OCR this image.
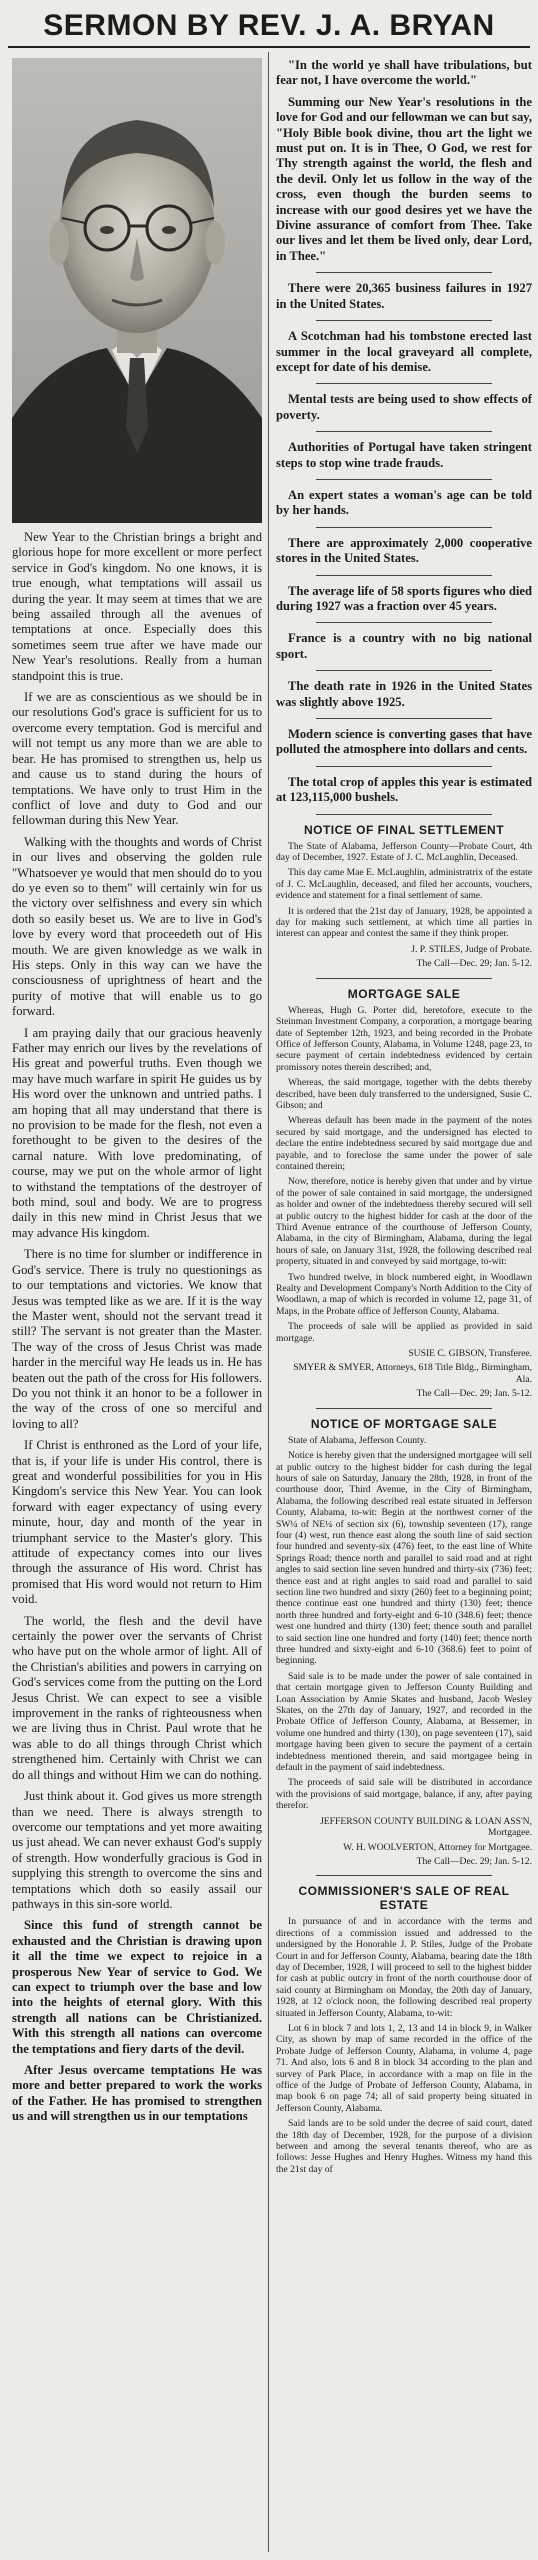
SERMON BY REV. J. A. BRYAN

New Year to the Christian brings a bright and glorious hope for more excellent or more perfect service in God's kingdom. No one knows, it is true enough, what temptations will assail us during the year. It may seem at times that we are being assailed through all the avenues of temptations at once. Especially does this sometimes seem true after we have made our New Year's resolutions. Really from a human standpoint this is true.

If we are as conscientious as we should be in our resolutions God's grace is sufficient for us to overcome every temptation. God is merciful and will not tempt us any more than we are able to bear. He has promised to strengthen us, help us and cause us to stand during the hours of temptations. We have only to trust Him in the conflict of love and duty to God and our fellowman during this New Year.

Walking with the thoughts and words of Christ in our lives and observing the golden rule "Whatsoever ye would that men should do to you do ye even so to them" will certainly win for us the victory over selfishness and every sin which doth so easily beset us. We are to live in God's love by every word that proceedeth out of His mouth. We are given knowledge as we walk in His steps. Only in this way can we have the consciousness of uprightness of heart and the purity of motive that will enable us to go forward.

I am praying daily that our gracious heavenly Father may enrich our lives by the revelations of His great and powerful truths. Even though we may have much warfare in spirit He guides us by His word over the unknown and untried paths. I am hoping that all may understand that there is no provision to be made for the flesh, not even a forethought to be given to the desires of the carnal nature. With love predominating, of course, may we put on the whole armor of light to withstand the temptations of the destroyer of both mind, soul and body. We are to progress daily in this new mind in Christ Jesus that we may advance His kingdom.

There is no time for slumber or indifference in God's service. There is truly no questionings as to our temptations and victories. We know that Jesus was tempted like as we are. If it is the way the Master went, should not the servant tread it still? The servant is not greater than the Master. The way of the cross of Jesus Christ was made harder in the merciful way He leads us in. He has beaten out the path of the cross for His followers. Do you not think it an honor to be a follower in the way of the cross of one so merciful and loving to all?

If Christ is enthroned as the Lord of your life, that is, if your life is under His control, there is great and wonderful possibilities for you in His Kingdom's service this New Year. You can look forward with eager expectancy of using every minute, hour, day and month of the year in triumphant service to the Master's glory. This attitude of expectancy comes into our lives through the assurance of His word. Christ has promised that His word would not return to Him void.

The world, the flesh and the devil have certainly the power over the servants of Christ who have put on the whole armor of light. All of the Christian's abilities and powers in carrying on God's services come from the putting on the Lord Jesus Christ. We can expect to see a visible improvement in the ranks of righteousness when we are living thus in Christ. Paul wrote that he was able to do all things through Christ which strengthened him. Certainly with Christ we can do all things and without Him we can do nothing.

Just think about it. God gives us more strength than we need. There is always strength to overcome our temptations and yet more awaiting us just ahead. We can never exhaust God's supply of strength. How wonderfully gracious is God in supplying this strength to overcome the sins and temptations which doth so easily assail our pathways in this sin-sore world.

Since this fund of strength cannot be exhausted and the Christian is drawing upon it all the time we expect to rejoice in a prosperous New Year of service to God. We can expect to triumph over the base and low into the heights of eternal glory. With this strength all nations can be Christianized. With this strength all nations can overcome the temptations and fiery darts of the devil.

After Jesus overcame temptations He was more and better prepared to work the works of the Father. He has promised to strengthen us and will strengthen us in our temptations

"In the world ye shall have tribulations, but fear not, I have overcome the world."

Summing our New Year's resolutions in the love for God and our fellowman we can but say, "Holy Bible book divine, thou art the light we must put on. It is in Thee, O God, we rest for Thy strength against the world, the flesh and the devil. Only let us follow in the way of the cross, even though the burden seems to increase with our good desires yet we have the Divine assurance of comfort from Thee. Take our lives and let them be lived only, dear Lord, in Thee."

There were 20,365 business failures in 1927 in the United States.

A Scotchman had his tombstone erected last summer in the local graveyard all complete, except for date of his demise.

Mental tests are being used to show effects of poverty.

Authorities of Portugal have taken stringent steps to stop wine trade frauds.

An expert states a woman's age can be told by her hands.

There are approximately 2,000 cooperative stores in the United States.

The average life of 58 sports figures who died during 1927 was a fraction over 45 years.

France is a country with no big national sport.

The death rate in 1926 in the United States was slightly above 1925.

Modern science is converting gases that have polluted the atmosphere into dollars and cents.

The total crop of apples this year is estimated at 123,115,000 bushels.

NOTICE OF FINAL SETTLEMENT

The State of Alabama, Jefferson County—Probate Court, 4th day of December, 1927. Estate of J. C. McLaughlin, Deceased.

This day came Mae E. McLaughlin, administratrix of the estate of J. C. McLaughlin, deceased, and filed her accounts, vouchers, evidence and statement for a final settlement of same.

It is ordered that the 21st day of January, 1928, be appointed a day for making such settlement, at which time all parties in interest can appear and contest the same if they think proper.

J. P. STILES, Judge of Probate.
The Call—Dec. 29; Jan. 5-12.
MORTGAGE SALE

Whereas, Hugh G. Porter did, heretofore, execute to the Steinman Investment Company, a corporation, a mortgage bearing date of September 12th, 1923, and being recorded in the Probate Office of Jefferson County, Alabama, in Volume 1248, page 23, to secure payment of certain indebtedness evidenced by certain promissory notes therein described; and,

Whereas, the said mortgage, together with the debts thereby described, have been duly transferred to the undersigned, Susie C. Gibson; and

Whereas default has been made in the payment of the notes secured by said mortgage, and the undersigned has elected to declare the entire indebtedness secured by said mortgage due and payable, and to foreclose the same under the power of sale contained therein;

Now, therefore, notice is hereby given that under and by virtue of the power of sale contained in said mortgage, the undersigned as holder and owner of the indebtedness thereby secured will sell at public outcry to the highest bidder for cash at the door of the Third Avenue entrance of the courthouse of Jefferson County, Alabama, in the city of Birmingham, Alabama, during the legal hours of sale, on January 31st, 1928, the following described real property, situated in and conveyed by said mortgage, to-wit:

Two hundred twelve, in block numbered eight, in Woodlawn Realty and Development Company's North Addition to the City of Woodlawn, a map of which is recorded in volume 12, page 31, of Maps, in the Probate office of Jefferson County, Alabama.

The proceeds of sale will be applied as provided in said mortgage.

SUSIE C. GIBSON, Transferee.
SMYER & SMYER, Attorneys, 618 Title Bldg., Birmingham, Ala.
The Call—Dec. 29; Jan. 5-12.
NOTICE OF MORTGAGE SALE

State of Alabama, Jefferson County.

Notice is hereby given that the undersigned mortgagee will sell at public outcry to the highest bidder for cash during the legal hours of sale on Saturday, January the 28th, 1928, in front of the courthouse door, Third Avenue, in the City of Birmingham, Alabama, the following described real estate situated in Jefferson County, Alabama, to-wit: Begin at the northwest corner of the SW¼ of NE¼ of section six (6), township seventeen (17), range four (4) west, run thence east along the south line of said section four hundred and seventy-six (476) feet, to the east line of White Springs Road; thence north and parallel to said road and at right angles to said section line seven hundred and thirty-six (736) feet; thence east and at right angles to said road and parallel to said section line two hundred and sixty (260) feet to a beginning point; thence continue east one hundred and thirty (130) feet; thence north three hundred and forty-eight and 6-10 (348.6) feet; thence west one hundred and thirty (130) feet; thence south and parallel to said section line one hundred and forty (140) feet; thence north three hundred and sixty-eight and 6-10 (368.6) feet to point of beginning.

Said sale is to be made under the power of sale contained in that certain mortgage given to Jefferson County Building and Loan Association by Annie Skates and husband, Jacob Wesley Skates, on the 27th day of January, 1927, and recorded in the Probate Office of Jefferson County, Alabama, at Bessemer, in volume one hundred and thirty (130), on page seventeen (17), said mortgage having been given to secure the payment of a certain indebtedness mentioned therein, and said mortgagee being in default in the payment of said indebtedness.

The proceeds of said sale will be distributed in accordance with the provisions of said mortgage, balance, if any, after paying therefor.

JEFFERSON COUNTY BUILDING & LOAN ASS'N, Mortgagee.
W. H. WOOLVERTON, Attorney for Mortgagee.
The Call—Dec. 29; Jan. 5-12.
COMMISSIONER'S SALE OF REAL ESTATE

In pursuance of and in accordance with the terms and directions of a commission issued and addressed to the undersigned by the Honorable J. P. Stiles, Judge of the Probate Court in and for Jefferson County, Alabama, bearing date the 18th day of December, 1928, I will proceed to sell to the highest bidder for cash at public outcry in front of the north courthouse door of said county at Birmingham on Monday, the 20th day of January, 1928, at 12 o'clock noon, the following described real property situated in Jefferson County, Alabama, to-wit:

Lot 6 in block 7 and lots 1, 2, 13 and 14 in block 9, in Walker City, as shown by map of same recorded in the office of the Probate Judge of Jefferson County, Alabama, in volume 4, page 71. And also, lots 6 and 8 in block 34 according to the plan and survey of Park Place, in accordance with a map on file in the office of the Judge of Probate of Jefferson County, Alabama, in map book 6 on page 74; all of said property being situated in Jefferson County, Alabama.

Said lands are to be sold under the decree of said court, dated the 18th day of December, 1928, for the purpose of a division between and among the several tenants thereof, who are as follows: Jesse Hughes and Henry Hughes. Witness my hand this the 21st day of
